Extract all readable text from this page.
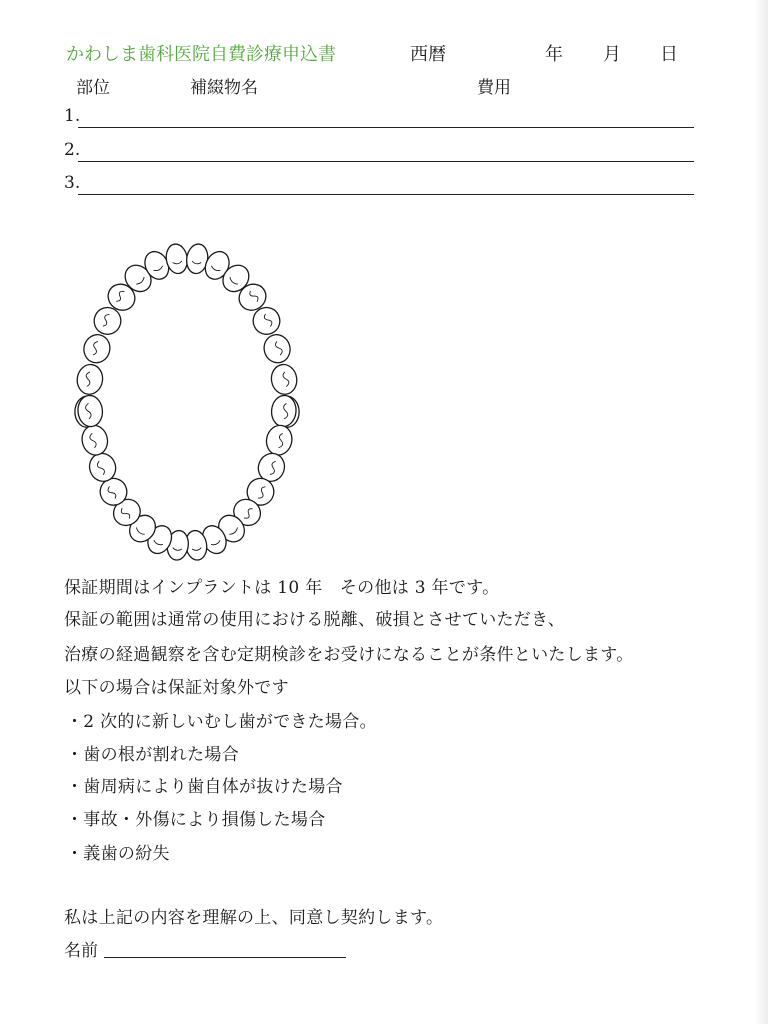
かわしま歯科医院自費診療申込書	西暦	年 月 日
部位	補綴物名	費用
1.
2.
3.
保証期間はインプラントは 10 年　その他は 3 年です。
保証の範囲は通常の使用における脱離、破損とさせていただき、
治療の経過観察を含む定期検診をお受けになることが条件といたします。
以下の場合は保証対象外です
・2 次的に新しいむし歯ができた場合。
・歯の根が割れた場合
・歯周病により歯自体が抜けた場合
・事故・外傷により損傷した場合
・義歯の紛失
私は上記の内容を理解の上、同意し契約します。
名前
